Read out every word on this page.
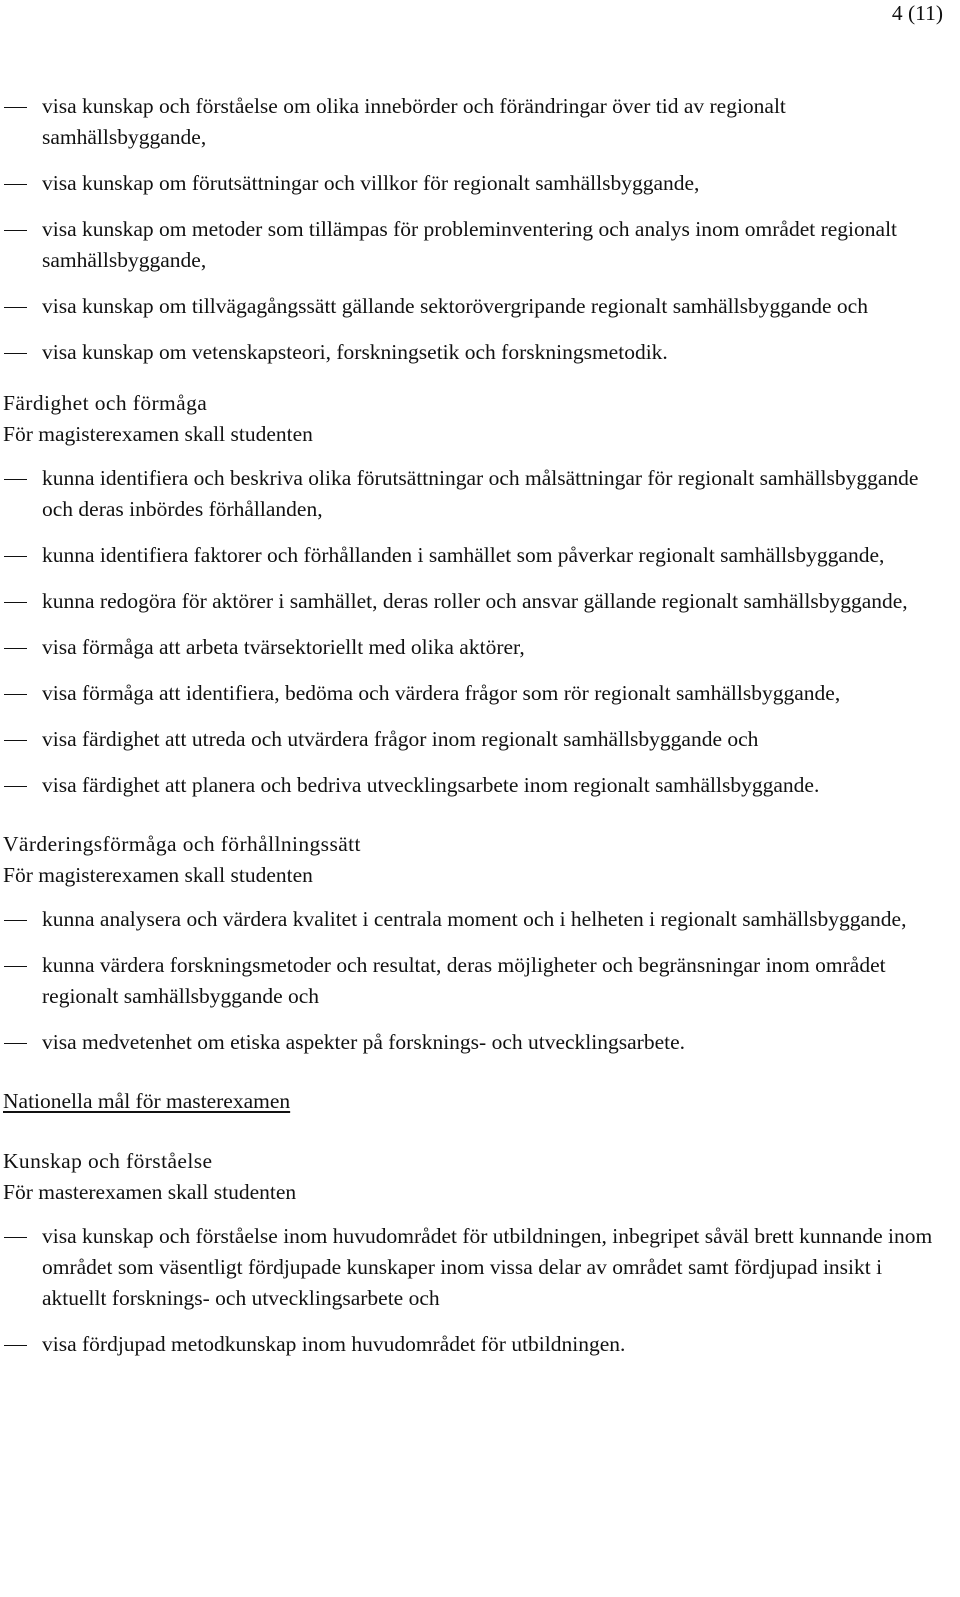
4 (11)
visa kunskap och förståelse om olika innebörder och förändringar över tid av regionalt samhällsbyggande,
visa kunskap om förutsättningar och villkor för regionalt samhällsbyggande,
visa kunskap om metoder som tillämpas för probleminventering och analys inom området regionalt samhällsbyggande,
visa kunskap om tillvägagångssätt gällande sektorövergripande regionalt samhällsbyggande och
visa kunskap om vetenskapsteori, forskningsetik och forskningsmetodik.

Färdighet och förmåga

För magisterexamen skall studenten

kunna identifiera och beskriva olika förutsättningar och målsättningar för regionalt samhällsbyggande och deras inbördes förhållanden,
kunna identifiera faktorer och förhållanden i samhället som påverkar regionalt samhällsbyggande,
kunna redogöra för aktörer i samhället, deras roller och ansvar gällande regionalt samhällsbyggande,
visa förmåga att arbeta tvärsektoriellt med olika aktörer,
visa förmåga att identifiera, bedöma och värdera frågor som rör regionalt samhällsbyggande,
visa färdighet att utreda och utvärdera frågor inom regionalt samhällsbyggande och
visa färdighet att planera och bedriva utvecklingsarbete inom regionalt samhällsbyggande.

Värderingsförmåga och förhållningssätt

För magisterexamen skall studenten

kunna analysera och värdera kvalitet i centrala moment och i helheten i regionalt samhällsbyggande,
kunna värdera forskningsmetoder och resultat, deras möjligheter och begränsningar inom området regionalt samhällsbyggande och
visa medvetenhet om etiska aspekter på forsknings- och utvecklingsarbete.

Nationella mål för masterexamen

Kunskap och förståelse

För masterexamen skall studenten

visa kunskap och förståelse inom huvudområdet för utbildningen, inbegripet såväl brett kunnande inom området som väsentligt fördjupade kunskaper inom vissa delar av området samt fördjupad insikt i aktuellt forsknings- och utvecklingsarbete och
visa fördjupad metodkunskap inom huvudområdet för utbildningen.
